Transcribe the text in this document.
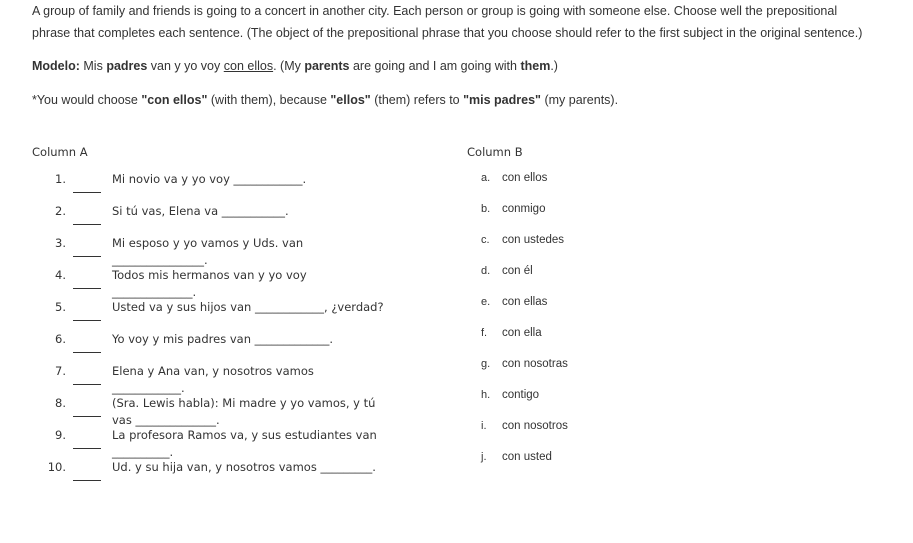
A group of family and friends is going to a concert in another city. Each person or group is going with someone else. Choose well the prepositional
phrase that completes each sentence. (The object of the prepositional phrase that you choose should refer to the first subject in the original sentence.)
Modelo: Mis padres van y yo voy con ellos. (My parents are going and I am going with them.)
*You would choose "con ellos" (with them), because "ellos" (them) refers to "mis padres" (my parents).
Column A	Column B
1.	Mi novio va y yo voy ____________.
2.	Si tú vas, Elena va ___________.
3.	Mi esposo y yo vamos y Uds. van
________________.
4.	Todos mis hermanos van y yo voy
______________.
5.	Usted va y sus hijos van ____________, ¿verdad?
6.	Yo voy y mis padres van _____________.
7.	Elena y Ana van, y nosotros vamos
____________.
8.	(Sra. Lewis habla): Mi madre y yo vamos, y tú
vas ______________.
9.	La profesora Ramos va, y sus estudiantes van
__________.
10.	Ud. y su hija van, y nosotros vamos _________.
a. con ellos
b. conmigo
c. con ustedes
d. con él
e. con ellas
f. con ella
g. con nosotras
h. contigo
i. con nosotros
j. con usted
